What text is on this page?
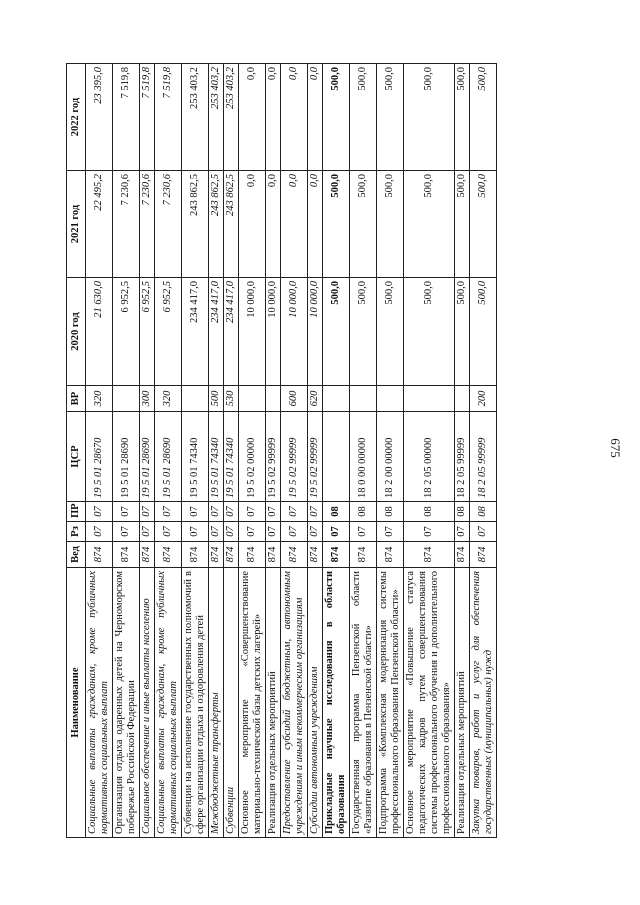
675
Наименование	Вед	Рз	ПР	ЦСР	ВР	2020 год	2021 год	2022 год
Социальные выплаты гражданам, кроме публичных нормативных социальных выплат	874	07	07	19 5 01 28670	320	21 630,0	22 495,2	23 395,0
Организация отдыха одаренных детей на Черноморском побережье Российской Федерации	874	07	07	19 5 01 28690		6 952,5	7 230,6	7 519,8
Социальное обеспечение и иные выплаты населению	874	07	07	19 5 01 28690	300	6 952,5	7 230,6	7 519,8
Социальные выплаты гражданам, кроме публичных нормативных социальных выплат	874	07	07	19 5 01 28690	320	6 952,5	7 230,6	7 519,8
Субвенции на исполнение государственных полномочий в сфере организации отдыха и оздоровления детей	874	07	07	19 5 01 74340		234 417,0	243 862,5	253 403,2
Межбюджетные трансферты	874	07	07	19 5 01 74340	500	234 417,0	243 862,5	253 403,2
Субвенции	874	07	07	19 5 01 74340	530	234 417,0	243 862,5	253 403,2
Основное мероприятие «Совершенствование материально-технической базы детских лагерей»	874	07	07	19 5 02 00000		10 000,0	0,0	0,0
Реализация отдельных мероприятий	874	07	07	19 5 02 99999		10 000,0	0,0	0,0
Предоставление субсидий бюджетным, автономным учреждениям и иным некоммерческим организациям	874	07	07	19 5 02 99999	600	10 000,0	0,0	0,0
Субсидии автономным учреждениям	874	07	07	19 5 02 99999	620	10 000,0	0,0	0,0
Прикладные научные исследования в области образования	874	07	08			500,0	500,0	500,0
Государственная программа Пензенской области «Развитие образования в Пензенской области»	874	07	08	18 0 00 00000		500,0	500,0	500,0
Подпрограмма «Комплексная модернизация системы профессионального образования Пензенской области»	874	07	08	18 2 00 00000		500,0	500,0	500,0
Основное мероприятие «Повышение статуса педагогических кадров путем совершенствования системы профессионального обучения и дополнительного профессионального образования»	874	07	08	18 2 05 00000		500,0	500,0	500,0
Реализация отдельных мероприятий	874	07	08	18 2 05 99999		500,0	500,0	500,0
Закупка товаров, работ и услуг для обеспечения государственных (муниципальных) нужд	874	07	08	18 2 05 99999	200	500,0	500,0	500,0
